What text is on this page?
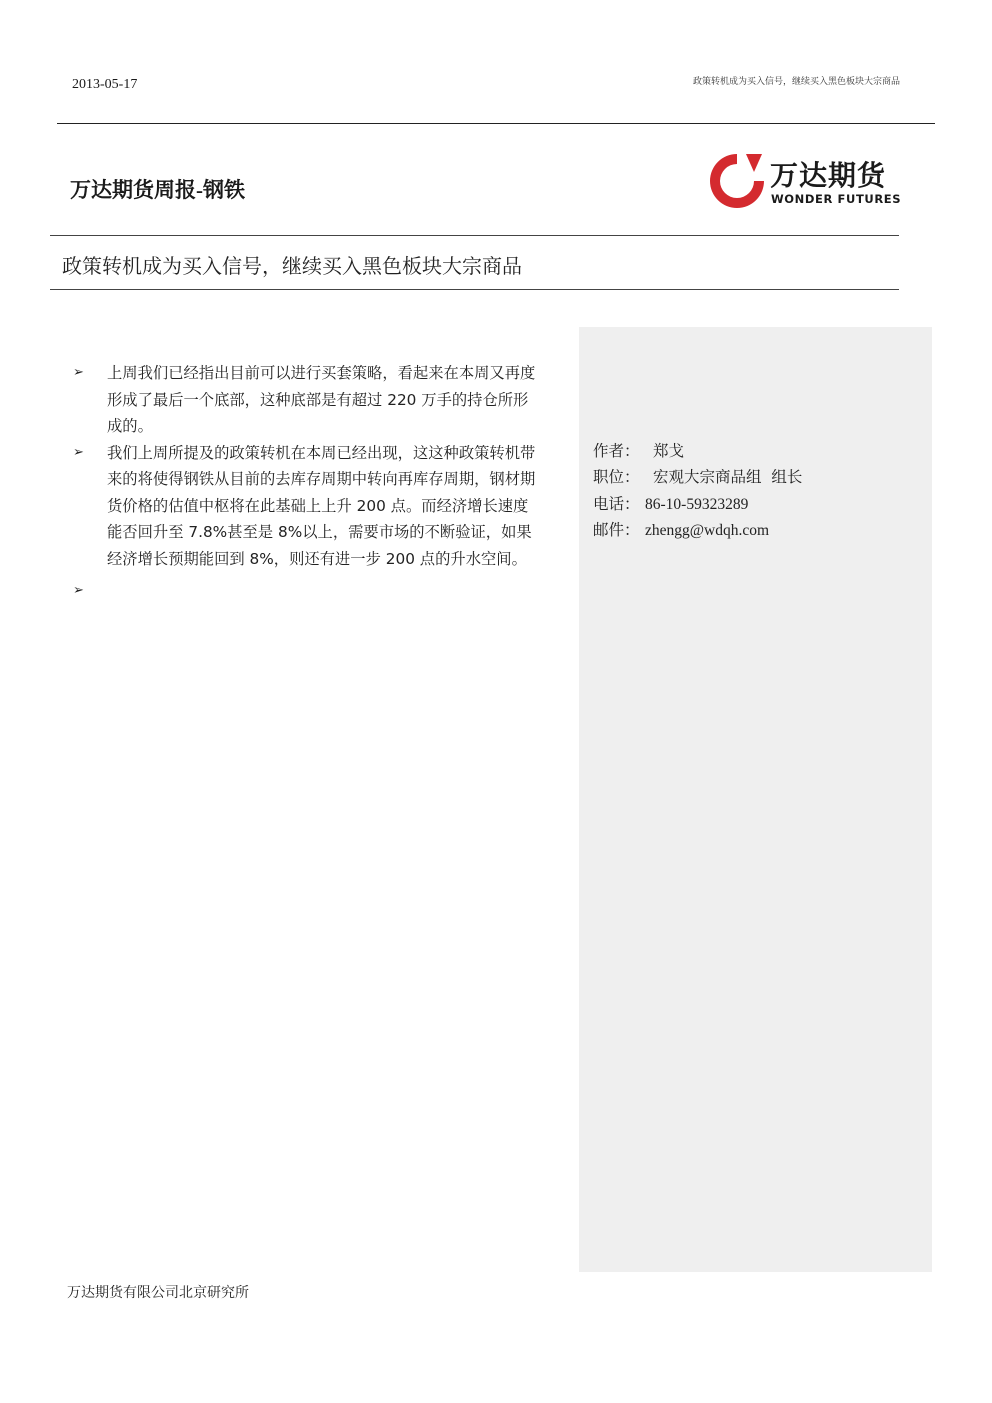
2013-05-17	政策转机成为买入信号，继续买入黑色板块大宗商品
万达期货周报-钢铁	万达期货
WONDER FUTURES
政策转机成为买入信号，继续买入黑色板块大宗商品
➢ 上周我们已经指出目前可以进行买套策略，看起来在本周又再度形成了最后一个底部，这种底部是有超过 220 万手的持仓所形成的。
➢ 我们上周所提及的政策转机在本周已经出现，这这种政策转机带来的将使得钢铁从目前的去库存周期中转向再库存周期，钢材期货价格的估值中枢将在此基础上上升 200 点。而经济增长速度能否回升至 7.8%甚至是 8%以上，需要市场的不断验证，如果经济增长预期能回到 8%，则还有进一步 200 点的升水空间。
➢

作者： 郑戈
职位： 宏观大宗商品组  组长
电话： 86-10-59323289
邮件： zhengg@wdqh.com
万达期货有限公司北京研究所
